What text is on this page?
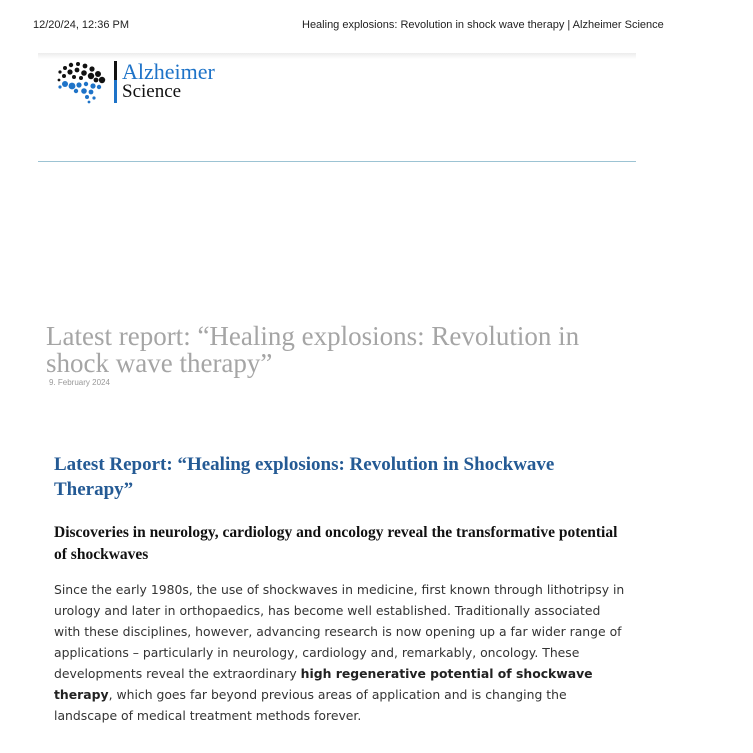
12/20/24, 12:36 PM	Healing explosions: Revolution in shock wave therapy | Alzheimer Science
Alzheimer
Science
Latest report: “Healing explosions: Revolution in shock wave therapy”
9. February 2024
Latest Report: “Healing explosions: Revolution in Shockwave Therapy”
Discoveries in neurology, cardiology and oncology reveal the transformative potential of shockwaves

Since the early 1980s, the use of shockwaves in medicine, first known through lithotripsy in urology and later in orthopaedics, has become well established. Traditionally associated with these disciplines, however, advancing research is now opening up a far wider range of applications – particularly in neurology, cardiology and, remarkably, oncology. These developments reveal the extraordinary high regenerative potential of shockwave therapy, which goes far beyond previous areas of application and is changing the landscape of medical treatment methods forever.
